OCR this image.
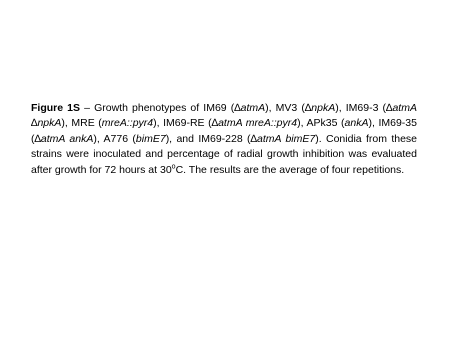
Figure 1S – Growth phenotypes of IM69 (∆atmA), MV3 (∆npkA), IM69-3 (∆atmA ∆npkA), MRE (mreA::pyr4), IM69-RE (∆atmA mreA::pyr4), APk35 (ankA), IM69-35 (∆atmA ankA), A776 (bimE7), and IM69-228 (∆atmA bimE7). Conidia from these strains were inoculated and percentage of radial growth inhibition was evaluated after growth for 72 hours at 30$^o$C. The results are the average of four repetitions.
